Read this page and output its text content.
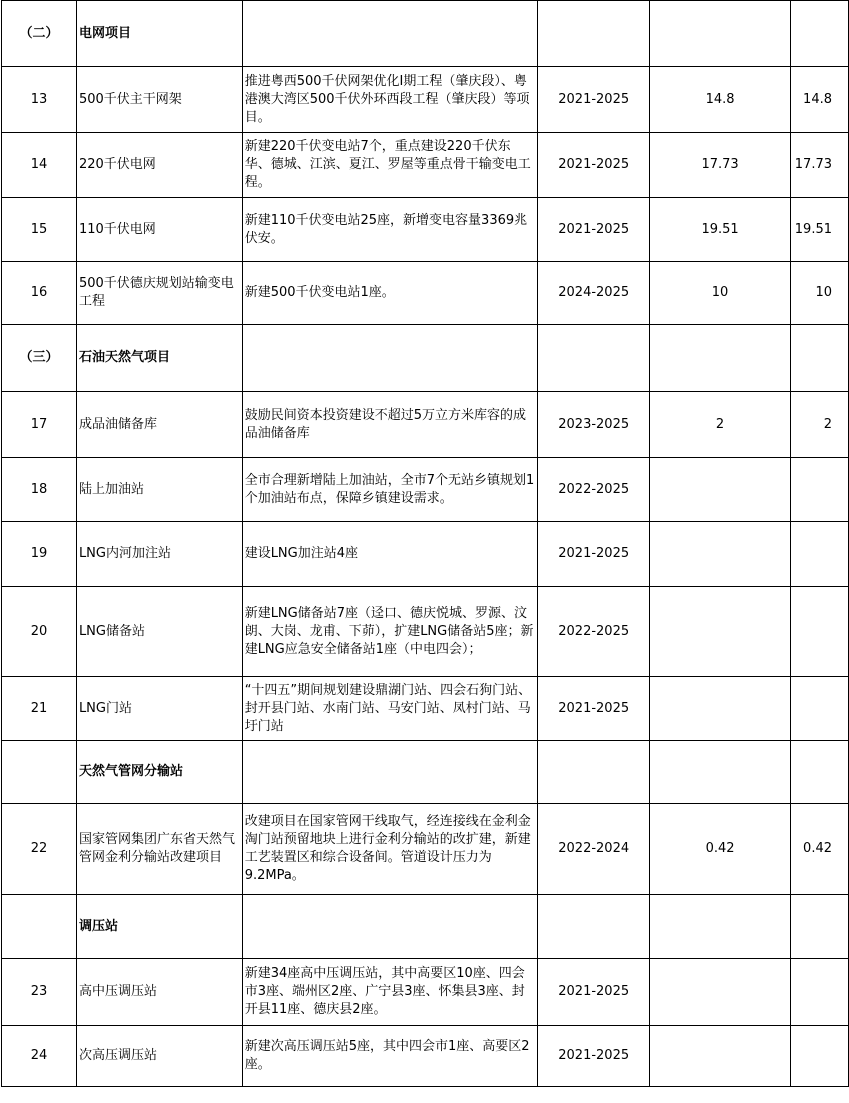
（二）	电网项目				
13	500千伏主干网架	推进粤西500千伏网架优化Ⅰ期工程（肇庆段）、粤港澳大湾区500千伏外环西段工程（肇庆段）等项目。	2021-2025	14.8	14.8
14	220千伏电网	新建220千伏变电站7个，重点建设220千伏东华、德城、江滨、夏江、罗屋等重点骨干输变电工程。	2021-2025	17.73	17.73
15	110千伏电网	新建110千伏变电站25座，新增变电容量3369兆伏安。	2021-2025	19.51	19.51
16	500千伏德庆规划站输变电工程	新建500千伏变电站1座。	2024-2025	10	10
（三）	石油天然气项目				
17	成品油储备库	鼓励民间资本投资建设不超过5万立方米库容的成品油储备库	2023-2025	2	2
18	陆上加油站	全市合理新增陆上加油站，全市7个无站乡镇规划1个加油站布点，保障乡镇建设需求。	2022-2025		
19	LNG内河加注站	建设LNG加注站4座	2021-2025		
20	LNG储备站	新建LNG储备站7座（迳口、德庆悦城、罗源、汶朗、大岗、龙甫、下茆），扩建LNG储备站5座；新建LNG应急安全储备站1座（中电四会）；	2022-2025		
21	LNG门站	“十四五”期间规划建设鼎湖门站、四会石狗门站、封开县门站、水南门站、马安门站、凤村门站、马圩门站	2021-2025		
	天然气管网分输站				
22	国家管网集团广东省天然气管网金利分输站改建项目	改建项目在国家管网干线取气，经连接线在金利金淘门站预留地块上进行金利分输站的改扩建，新建工艺装置区和综合设备间。管道设计压力为9.2MPa。	2022-2024	0.42	0.42
	调压站				
23	高中压调压站	新建34座高中压调压站，其中高要区10座、四会市3座、端州区2座、广宁县3座、怀集县3座、封开县11座、德庆县2座。	2021-2025		
24	次高压调压站	新建次高压调压站5座，其中四会市1座、高要区2座。	2021-2025		
